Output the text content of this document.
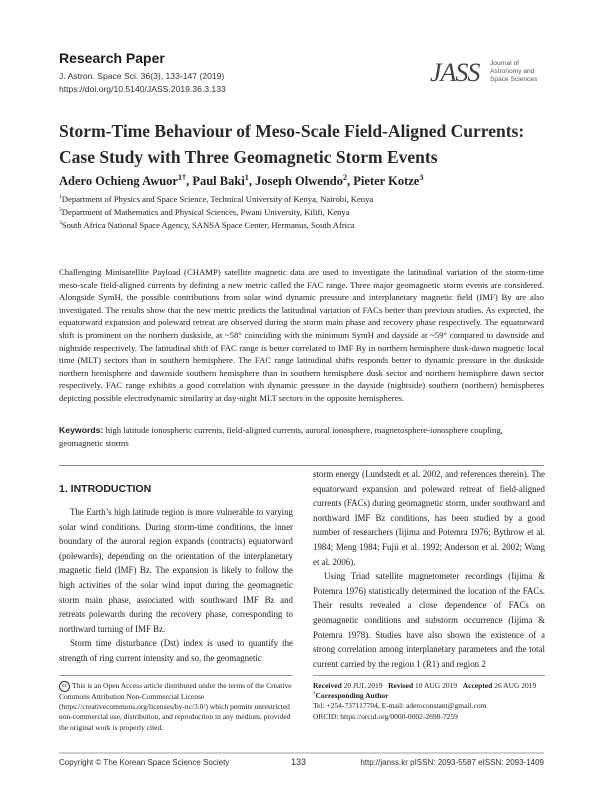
Research Paper
J. Astron. Space Sci. 36(3), 133-147 (2019)
https://doi.org/10.5140/JASS.2019.36.3.133
JASS Journal of Astronomy and Space Sciences
Storm-Time Behaviour of Meso-Scale Field-Aligned Currents: Case Study with Three Geomagnetic Storm Events
Adero Ochieng Awuor$^{1\dagger}$, Paul Baki$^1$, Joseph Olwendo$^2$, Pieter Kotze$^3$
$^1$Department of Physics and Space Science, Technical University of Kenya, Nairobi, Kenya
$^2$Department of Mathematics and Physical Sciences, Pwani University, Kilifi, Kenya
$^3$South Africa National Space Agency, SANSA Space Center, Hermanus, South Africa
Challenging Minisatellite Payload (CHAMP) satellite magnetic data are used to investigate the latitudinal variation of the storm-time meso-scale field-aligned currents by defining a new metric called the FAC range. Three major geomagnetic storm events are considered. Alongside SymH, the possible contributions from solar wind dynamic pressure and interplanetary magnetic field (IMF) By are also investigated. The results show that the new metric predicts the latitudinal variation of FACs better than previous studies. As expected, the equatorward expansion and poleward retreat are observed during the storm main phase and recovery phase respectively. The equatorward shift is prominent on the northern duskside, at ~58° coinciding with the minimum SymH and dayside at ~59° compared to dawnside and nightside respectively. The latitudinal shift of FAC range is better correlated to IMF By in northern hemisphere dusk-dawn magnetic local time (MLT) sectors than in southern hemisphere. The FAC range latitudinal shifts responds better to dynamic pressure in the duskside northern hemisphere and dawnside southern hemisphere than in southern hemisphere dusk sector and northern hemisphere dawn sector respectively. FAC range exhibits a good correlation with dynamic pressure in the dayside (nightside) southern (northern) hemispheres depicting possible electrodynamic similarity at day-night MLT sectors in the opposite hemispheres.
Keywords: high latitude ionospheric currents, field-aligned currents, auroral ionosphere, magnetosphere-ionosphere coupling, geomagnetic storms
1. INTRODUCTION

The Earth’s high latitude region is more vulnerable to varying solar wind conditions. During storm-time conditions, the inner boundary of the auroral region expands (contracts) equatorward (polewards), depending on the orientation of the interplanetary magnetic field (IMF) Bz. The expansion is likely to follow the high activities of the solar wind input during the geomagnetic storm main phase, associated with southward IMF Bz and retreats polewards during the recovery phase, corresponding to northward turning of IMF Bz.

Storm time disturbance (Dst) index is used to quantify the strength of ring current intensity and so, the geomagnetic

storm energy (Lundstedt et al. 2002, and references therein). The equatorward expansion and poleward retreat of field-aligned currents (FACs) during geomagnetic storm, under southward and northward IMF Bz conditions, has been studied by a good number of researchers (Iijima and Potemra 1976; Bythrow et al. 1984; Meng 1984; Fujii et al. 1992; Anderson et al. 2002; Wang et al. 2006).

Using Triad satellite magnetometer recordings (Iijima & Potemra 1976) statistically determined the location of the FACs. Their results revealed a close dependence of FACs on geomagnetic conditions and substorm occurrence (Iijima & Potemra 1978). Studies have also shown the existence of a strong correlation among interplanetary parameters and the total current carried by the region 1 (R1) and region 2

cc This is an Open Access article distributed under the terms of the Creative Commons Attribution Non-Commercial License (https://creativecommons.org/licenses/by-nc/3.0/) which permits unrestricted non-commercial use, distribution, and reproduction in any medium, provided the original work is properly cited.
Received 20 JUL 2019 Revised 10 AUG 2019 Accepted 26 AUG 2019
†Corresponding Author
Tel: +254-737117704, E-mail: aderoconstant@gmail.com
ORCID: https://orcid.org/0000-0002-2698-7259
Copyright © The Korean Space Science Society	133	http://janss.kr pISSN: 2093-5587 eISSN: 2093-1409
